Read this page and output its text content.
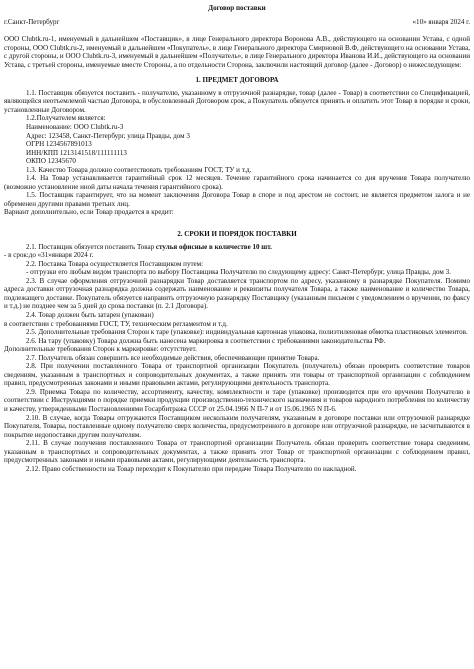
Договор поставки

г.Санкт-Петербург	«10» января 2024 г.

ООО Clubtk.ru-1, именуемый в дальнейшем «Поставщик», в лице Генерального директора Воронова А.В., действующего на основании Устава, с одной стороны, ООО Clubtk.ru-2, именуемый в дальнейшем «Покупатель», в лице Генерального директора Смирновой В.Ф, действующего на основании Устава, с другой стороны, и ООО Clubtk.ru-3, именуемый в дальнейшем «Получатель», в лице Генерального директора Иванова И.И., действующего на основании Устава, с третьей стороны, именуемые вместе Стороны, а по отдельности Сторона, заключили настоящий договор (далее - Договор) о нижеследующем:

1. ПРЕДМЕТ ДОГОВОРА

1.1. Поставщик обязуется поставить - получателю, указанному в отгрузочной разнарядке, товар (далее - Товар) в соответствии со Спецификацией, являющейся неотъемлемой частью Договора, в обусловленный Договором срок, а Покупатель обязуется принять и оплатить этот Товар в порядке и сроки, установленные Договором.

1.2.Получателем является:

Наименование: ООО Clubtk.ru-3

Адрес: 123458, Санкт-Петербург, улица Правды, дом 3

ОГРН 1234567891013

ИНН/КПП 1213141518/111111113

ОКПО 12345670

1.3. Качество Товара должно соответствовать требованиям ГОСТ, ТУ и т.д.

1.4. На Товар устанавливается гарантийный срок 12 месяцев. Течение гарантийного срока начинается со дня вручения Товара получателю (возможно установление иной даты начала течения гарантийного срока).

1.5. Поставщик гарантирует, что на момент заключения Договора Товар в споре и под арестом не состоит, не является предметом залога и не обременен другими правами третьих лиц.

Вариант дополнительно, если Товар продается в кредит:

2. СРОКИ И ПОРЯДОК ПОСТАВКИ

2.1. Поставщик обязуется поставить Товар стулья офисные в количестве 10 шт.

- в срок:до «31»января 2024 г.

2.2. Поставка Товара осуществляется Поставщиком путем:

- отгрузки его любым видом транспорта по выбору Поставщика Получателю по следующему адресу: Санкт-Петербург, улица Правды, дом 3.

2.3. В случае оформления отгрузочной разнарядки Товар доставляется транспортом по адресу, указанному в разнарядке Покупателя. Помимо адреса доставки отгрузочная разнарядка должна содержать наименование и реквизиты получателя Товара, а также наименование и количество Товара, подлежащего доставке. Покупатель обязуется направить отгрузочную разнарядку Поставщику (указанным письмом с уведомлением о вручении, по факсу и т.д.) не позднее чем за 5 дней до срока поставки (п. 2.1 Договора).

2.4. Товар должен быть затарен (упакован)

в соответствии с требованиями ГОСТ, ТУ, техническим регламентом и т.д.

2.5. Дополнительные требования Сторон к таре (упаковке): индивидуальная картонная упаковка, полиэтиленовая обмотка пластиковых элементов.

2.6. На тару (упаковку) Товара должна быть нанесена маркировка в соответствии с требованиями законодательства РФ.

Дополнительные требования Сторон к маркировке: отсутствует.

2.7. Получатель обязан совершить все необходимые действия, обеспечивающие принятие Товара.

2.8. При получении поставленного Товара от транспортной организации Покупатель (получатель) обязан проверить соответствие товаров сведениям, указанным в транспортных и сопроводительных документах, а также принять эти товары от транспортной организации с соблюдением правил, предусмотренных законами и иными правовыми актами, регулирующими деятельность транспорта.

2.9. Приемка Товара по количеству, ассортименту, качеству, комплектности и таре (упаковке) производится при его вручении Получателю в соответствии с Инструкциями о порядке приемки продукции производственно-технического назначения и товаров народного потребления по количеству и качеству, утвержденными Постановлениями Госарбитража СССР от 25.04.1966 N П-7 и от 15.06.1965 N П-6.

2.10. В случае, когда Товары отгружаются Поставщиком нескольким получателям, указанным в договоре поставки или отгрузочной разнарядке Покупателя, Товары, поставленные одному получателю сверх количества, предусмотренного в договоре или отгрузочной разнарядке, не засчитываются в покрытие недопоставки другим получателям.

2.11. В случае получения поставленного Товара от транспортной организации Получатель обязан проверить соответствие товара сведениям, указанным в транспортных и сопроводительных документах, а также принять этот Товар от транспортной организации с соблюдением правил, предусмотренных законами и иными правовыми актами, регулирующими деятельность транспорта.

2.12. Право собственности на Товар переходит к Покупателю при передаче Товара Получателю по накладной.
